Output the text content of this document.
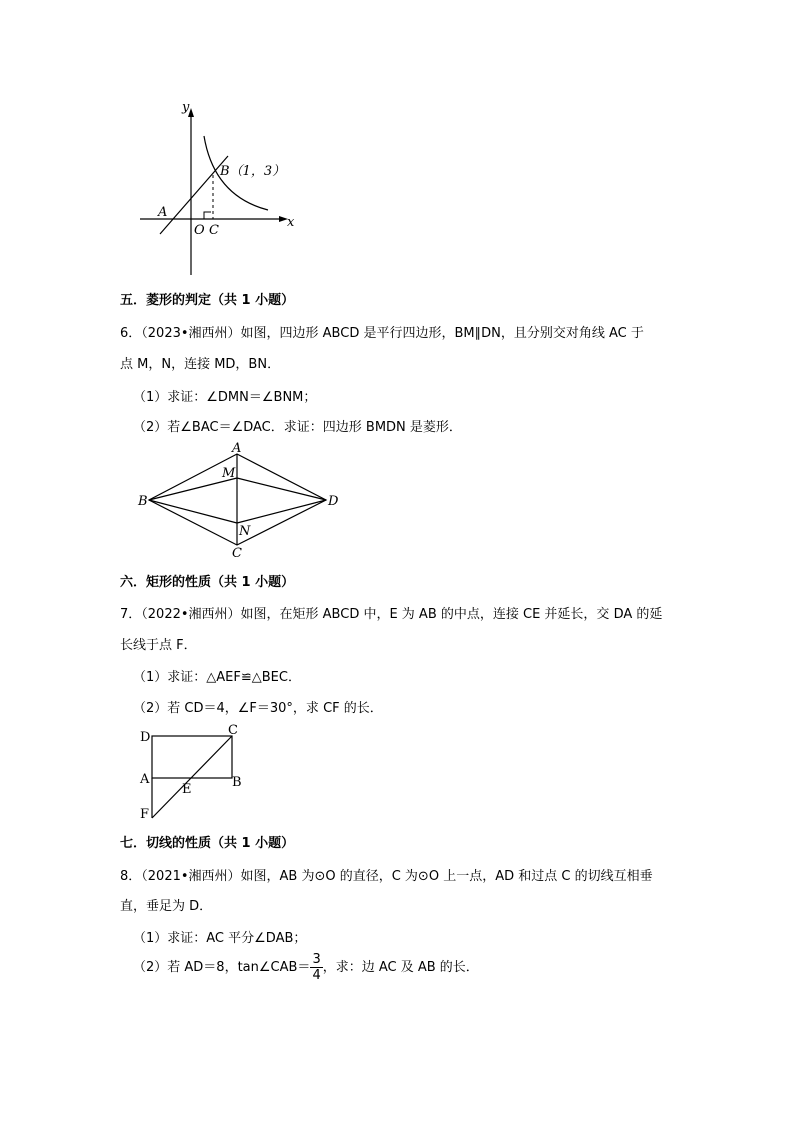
y
x
B（1，3）
A
O C
五．菱形的判定（共 1 小题）
6．（2023•湘西州）如图，四边形 ABCD 是平行四边形，BM∥DN，且分别交对角线 AC 于
点 M，N，连接 MD，BN．
（1）求证：∠DMN＝∠BNM；
（2）若∠BAC＝∠DAC．求证：四边形 BMDN 是菱形．
A
M
B	D
N
C
六．矩形的性质（共 1 小题）
7．（2022•湘西州）如图，在矩形 ABCD 中，E 为 AB 的中点，连接 CE 并延长，交 DA 的延
长线于点 F．
（1）求证：△AEF≌△BEC．
（2）若 CD＝4，∠F＝30°，求 CF 的长．
D	C
A	B
E
F
七．切线的性质（共 1 小题）
8．（2021•湘西州）如图，AB 为⊙O 的直径，C 为⊙O 上一点，AD 和过点 C 的切线互相垂
直，垂足为 D．
（1）求证：AC 平分∠DAB；
（2）若 AD＝8，tan∠CAB＝ $\frac{3}{4}$ ，求：边 AC 及 AB 的长．
